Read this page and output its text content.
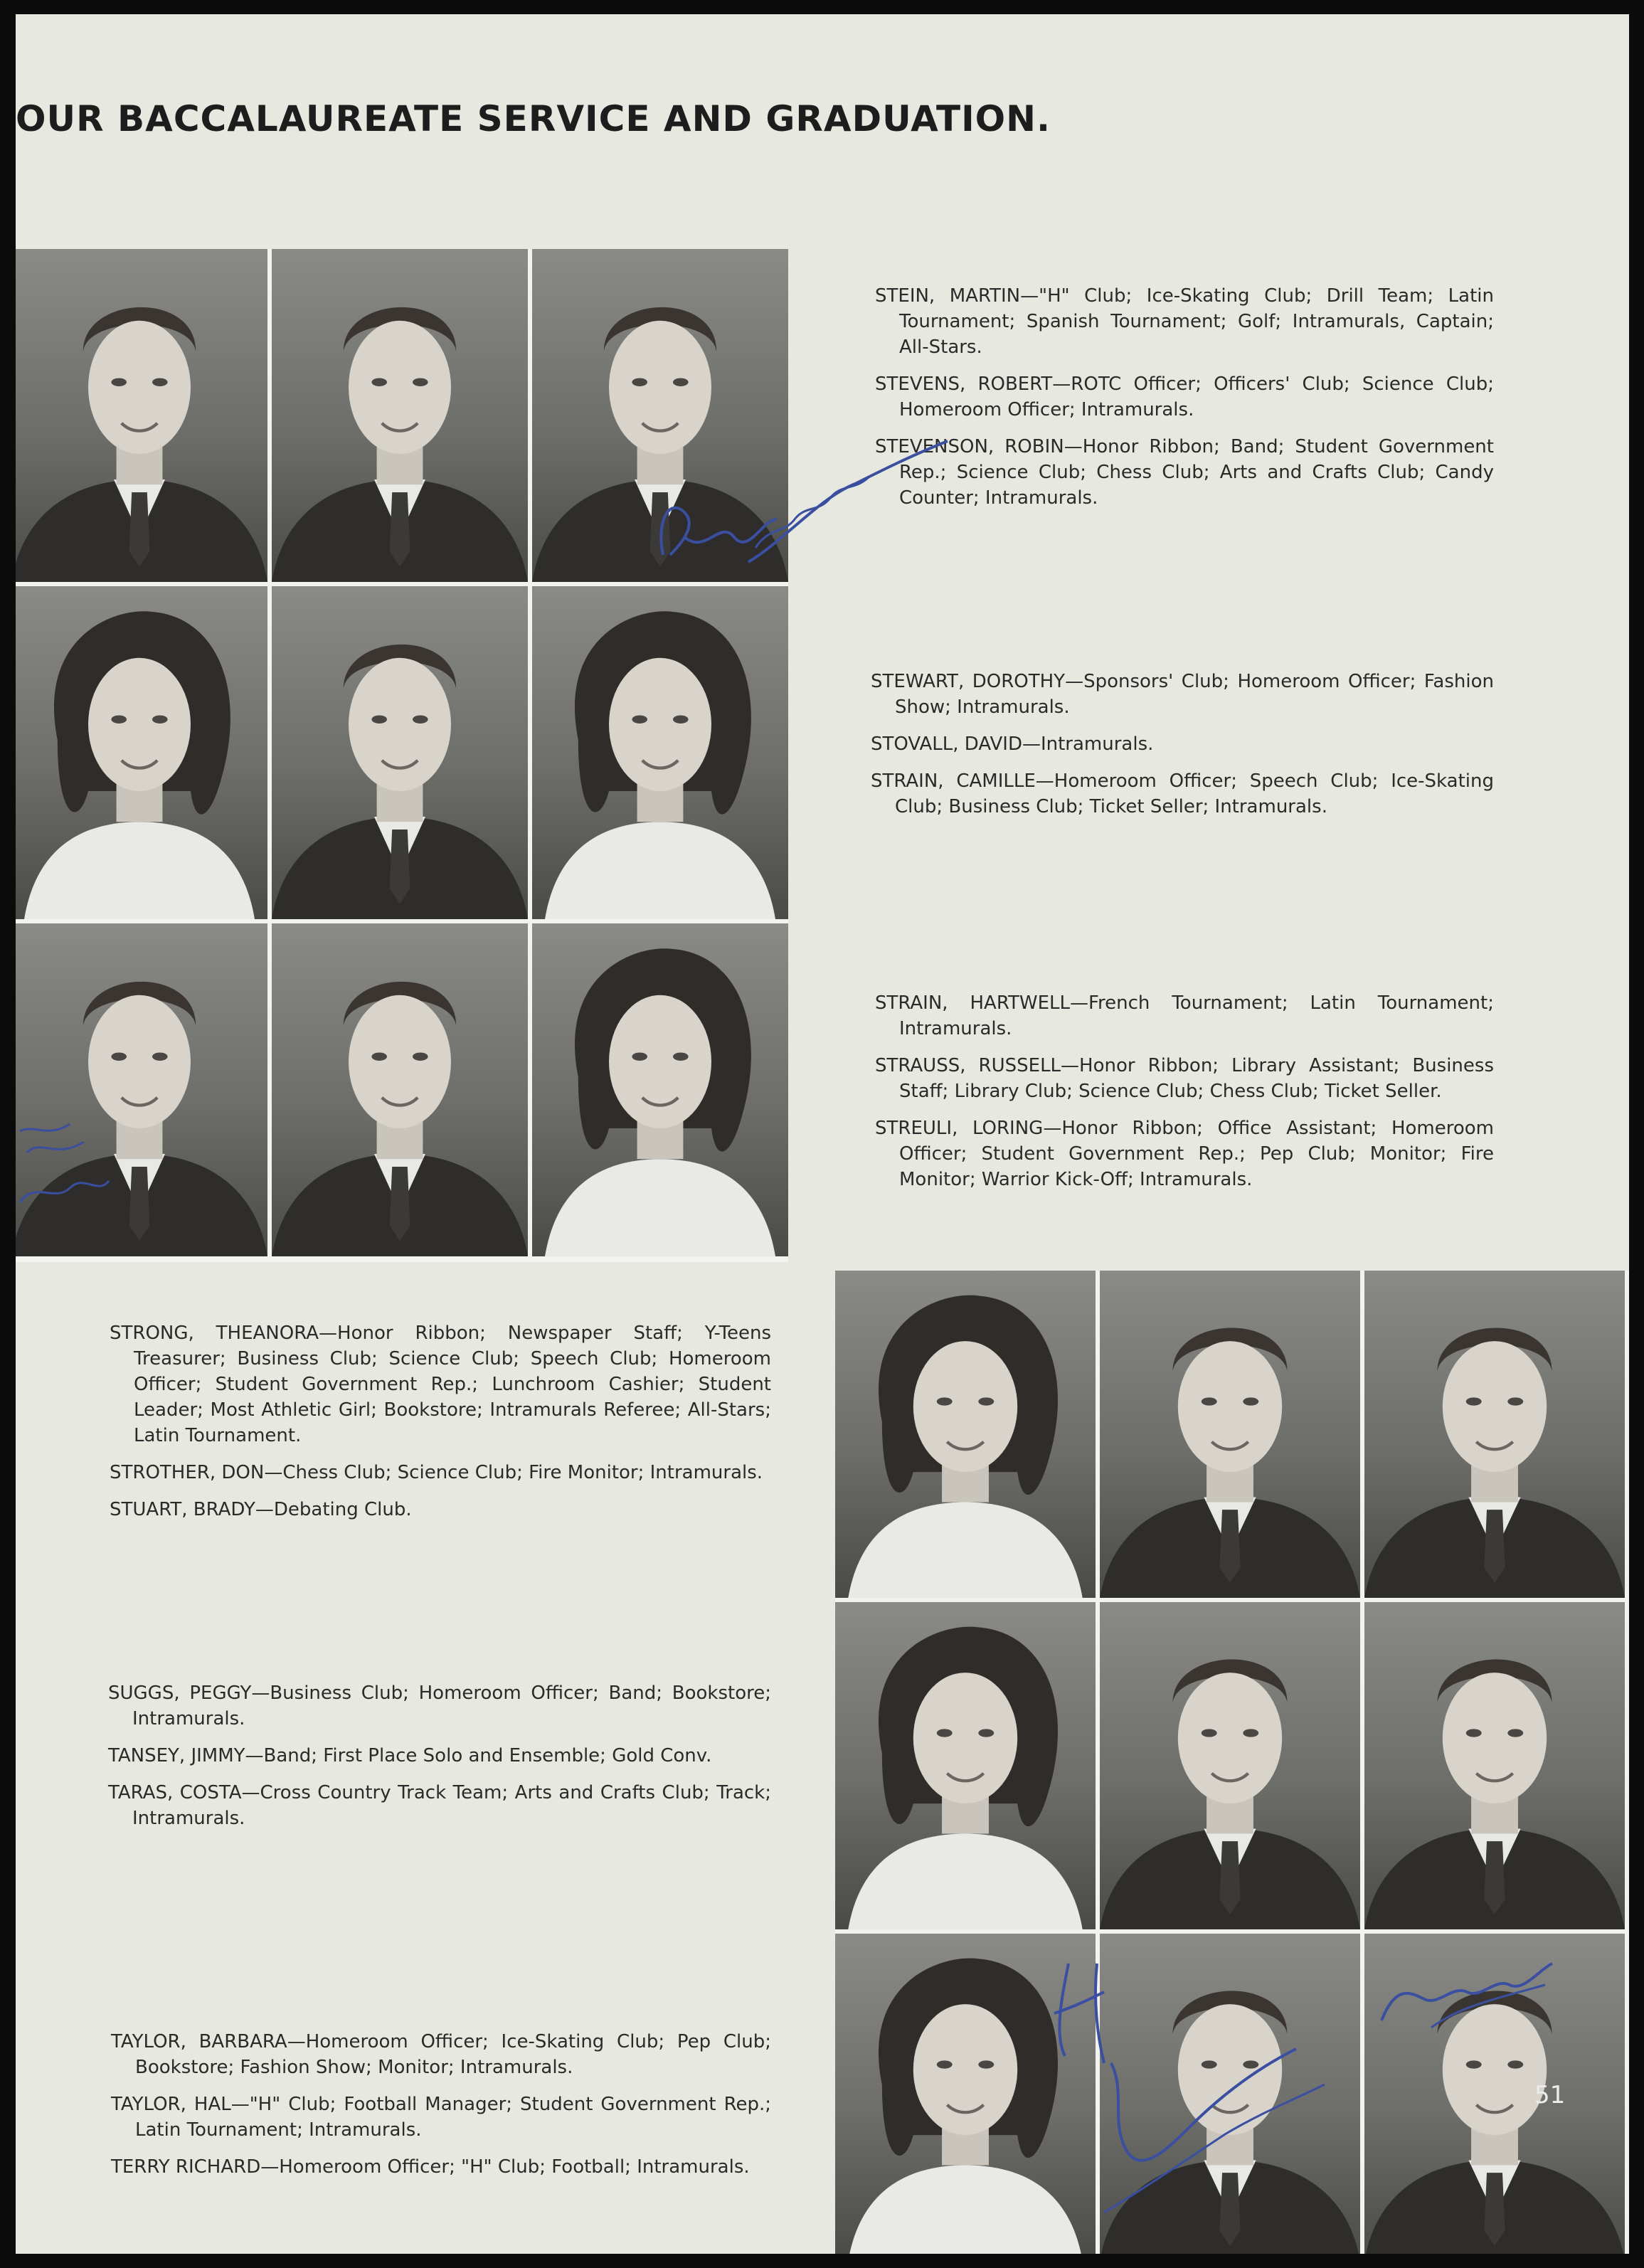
OUR BACCALAUREATE SERVICE AND GRADUATION.
STEIN, MARTIN—"H" Club; Ice-Skating Club; Drill Team; Latin Tournament; Spanish Tournament; Golf; Intramurals, Captain; All-Stars.
STEVENS, ROBERT—ROTC Officer; Officers' Club; Science Club; Homeroom Officer; Intramurals.
STEVENSON, ROBIN—Honor Ribbon; Band; Student Government Rep.; Science Club; Chess Club; Arts and Crafts Club; Candy Counter; Intramurals.
STEWART, DOROTHY—Sponsors' Club; Homeroom Officer; Fashion Show; Intramurals.
STOVALL, DAVID—Intramurals.
STRAIN, CAMILLE—Homeroom Officer; Speech Club; Ice-Skating Club; Business Club; Ticket Seller; Intramurals.
STRAIN, HARTWELL—French Tournament; Latin Tournament; Intramurals.
STRAUSS, RUSSELL—Honor Ribbon; Library Assistant; Business Staff; Library Club; Science Club; Chess Club; Ticket Seller.
STREULI, LORING—Honor Ribbon; Office Assistant; Homeroom Officer; Student Government Rep.; Pep Club; Monitor; Fire Monitor; Warrior Kick-Off; Intramurals.
STRONG, THEANORA—Honor Ribbon; Newspaper Staff; Y-Teens Treasurer; Business Club; Science Club; Speech Club; Homeroom Officer; Student Government Rep.; Lunchroom Cashier; Student Leader; Most Athletic Girl; Bookstore; Intramurals Referee; All-Stars; Latin Tournament.
STROTHER, DON—Chess Club; Science Club; Fire Monitor; Intramurals.
STUART, BRADY—Debating Club.
SUGGS, PEGGY—Business Club; Homeroom Officer; Band; Bookstore; Intramurals.
TANSEY, JIMMY—Band; First Place Solo and Ensemble; Gold Conv.
TARAS, COSTA—Cross Country Track Team; Arts and Crafts Club; Track; Intramurals.
TAYLOR, BARBARA—Homeroom Officer; Ice-Skating Club; Pep Club; Bookstore; Fashion Show; Monitor; Intramurals.
TAYLOR, HAL—"H" Club; Football Manager; Student Government Rep.; Latin Tournament; Intramurals.
TERRY RICHARD—Homeroom Officer; "H" Club; Football; Intramurals.
51
